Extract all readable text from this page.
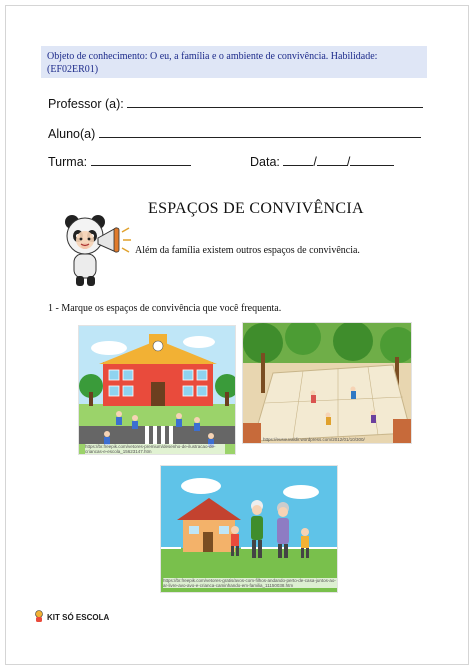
Objeto de conhecimento: O eu, a família e o ambiente de convivência. Habilidade: (EF02ER01)
Professor (a):
Aluno(a)
Turma:	Data:	/ /
ESPAÇOS DE CONVIVÊNCIA
Além da família existem outros espaços de convivência.
1 - Marque os espaços de convivência que você frequenta.
https://br.freepik.com/vetores-premium/desenho-de-ilustracao-de-criancas-e-escola_15623147.htm
https://eusouvaldir.wordpress.com/2012/01/10/300/
https://br.freepik.com/vetores-gratis/avos-com-filhos-andando-perto-de-casa-juntos-ao-ar-livre-avo-avo-e-crianca-caminhando-em-familia_11150038.htm
KIT SÓ ESCOLA
